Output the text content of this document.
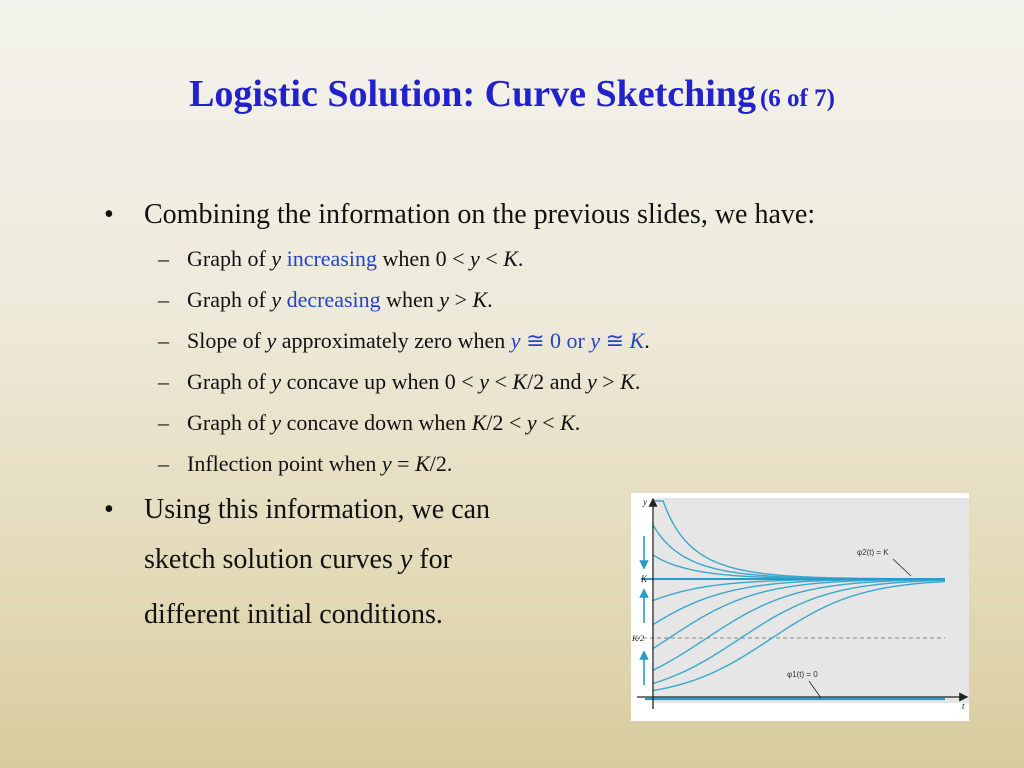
Logistic Solution: Curve Sketching (6 of 7)
• Combining the information on the previous slides, we have:
– Graph of y increasing when 0 < y < K.
– Graph of y decreasing when y > K.
– Slope of y approximately zero when y ≅ 0 or y ≅ K.
– Graph of y concave up when 0 < y < K/2 and y > K.
– Graph of y concave down when K/2 < y < K.
– Inflection point when y = K/2.
• Using this information, we can
sketch solution curves y for
different initial conditions.
y
t
K
K/2
φ2(t) = K
φ1(t) = 0
